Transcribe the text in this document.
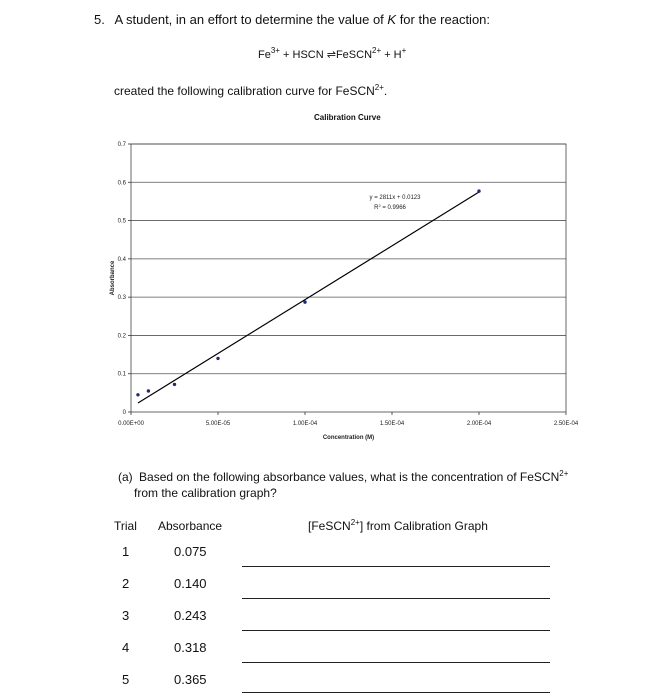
5. A student, in an effort to determine the value of K for the reaction:
$Fe^{3+}$ + HSCN ⇌FeSCN$^{2+}$ + H+
created the following calibration curve for FeSCN$^{2+}$.
Calibration Curve
0
0.1
0.2
0.3
0.4
0.5
0.6
0.7
0.00E+00	5.00E-05	1.00E-04	1.50E-04	2.00E-04	2.50E-04
Concentration (M)
Absorbance
y = 2811x + 0.0123
$R^2 = 0.9966$
(a) Based on the following absorbance values, what is the concentration of FeSCN$^{2+}$
from the calibration graph?
Trial Absorbance	[FeSCN$^{2+}$] from Calibration Graph
1	0.075
2	0.140
3	0.243
4	0.318
5	0.365
